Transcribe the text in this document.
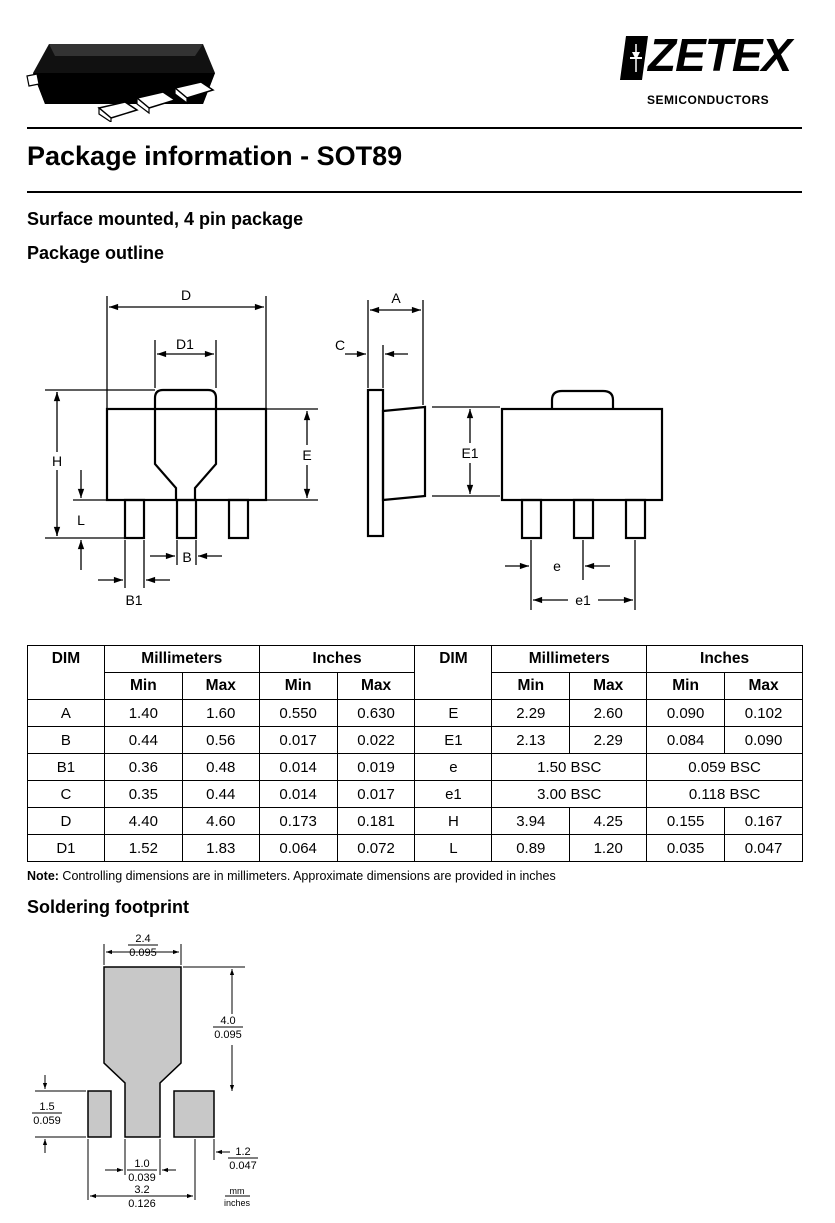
ZETEX
SEMICONDUCTORS
Package information - SOT89
Surface mounted, 4 pin package
Package outline
D
D1
H
L
E
B
B1
A
C
E1
e
e1
DIM	Millimeters		Inches		DIM	Millimeters		Inches	
	Min	Max	Min	Max		Min	Max	Min	Max
A	1.40	1.60	0.550	0.630	E	2.29	2.60	0.090	0.102
B	0.44	0.56	0.017	0.022	E1	2.13	2.29	0.084	0.090
B1	0.36	0.48	0.014	0.019	e	1.50 BSC		0.059 BSC	
C	0.35	0.44	0.014	0.017	e1	3.00 BSC		0.118 BSC	
D	4.40	4.60	0.173	0.181	H	3.94	4.25	0.155	0.167
D1	1.52	1.83	0.064	0.072	L	0.89	1.20	0.035	0.047
Note: Controlling dimensions are in millimeters. Approximate dimensions are provided in inches
Soldering footprint
2.4
0.095
4.0
0.095
1.5
0.059
1.2
0.047
1.0
0.039
3.2
0.126
mm
inches
